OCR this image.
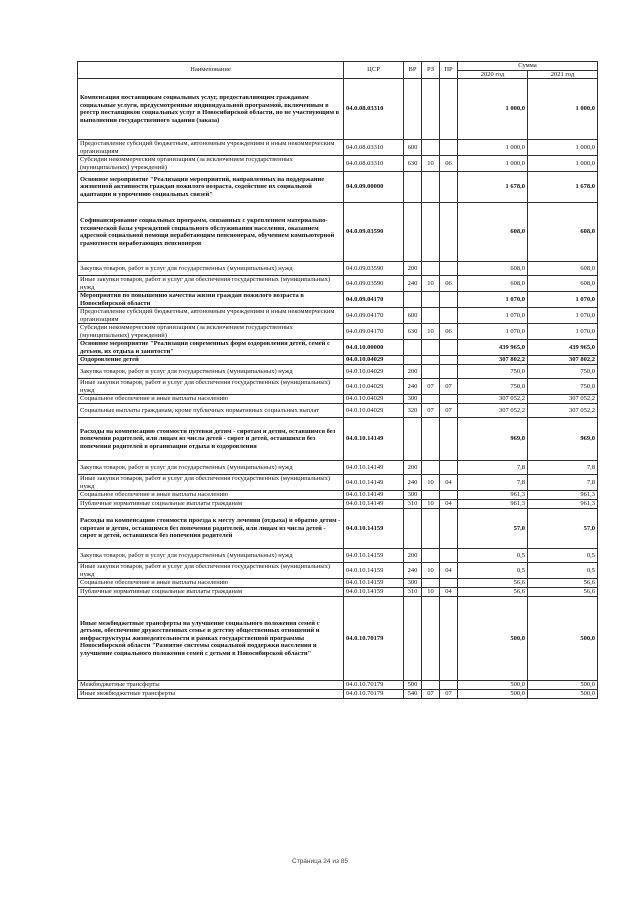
Наименование	ЦСР	ВР	РЗ	ПР	Сумма	
					2020 год	2021 год
Компенсация поставщикам социальных услуг, предоставляющим гражданам социальные услуги, предусмотренные индивидуальной программой, включенным в реестр поставщиков социальных услуг в Новосибирской области, но не участвующим в выполнении государственного задания (заказа)	04.0.08.03310				1 000,0	1 000,0
Предоставление субсидий бюджетным, автономным учреждениям и иным некоммерческим организациям	04.0.08.03310	600			1 000,0	1 000,0
Субсидии некоммерческим организациям (за исключением государственных (муниципальных) учреждений)	04.0.08.03310	630	10	06	1 000,0	1 000,0
Основное мероприятие "Реализация мероприятий, направленных на поддержание жизненной активности граждан пожилого возраста, содействие их социальной адаптации и упрочению социальных связей"	04.0.09.00000				1 678,0	1 678,0
Софинансирование социальных программ, связанных с укреплением материально-технической базы учреждений социального обслуживания населения, оказанием адресной социальной помощи неработающим пенсионерам, обучением компьютерной грамотности неработающих пенсионеров	04.0.09.03590				608,0	608,0
Закупка товаров, работ и услуг для государственных (муниципальных) нужд	04.0.09.03590	200			608,0	608,0
Иные закупки товаров, работ и услуг для обеспечения государственных (муниципальных) нужд	04.0.09.03590	240	10	06	608,0	608,0
Мероприятия по повышению качества жизни граждан пожилого возраста в Новосибирской области	04.0.09.04170				1 070,0	1 070,0
Предоставление субсидий бюджетным, автономным учреждениям и иным некоммерческим организациям	04.0.09.04170	600			1 070,0	1 070,0
Субсидии некоммерческим организациям (за исключением государственных (муниципальных) учреждений)	04.0.09.04170	630	10	06	1 070,0	1 070,0
Основное мероприятие "Реализация современных форм оздоровления детей, семей с детьми, их отдыха и занятости"	04.0.10.00000				439 965,0	439 965,0
Оздоровление детей	04.0.10.04029				307 802,2	307 802,2
Закупка товаров, работ и услуг для государственных (муниципальных) нужд	04.0.10.04029	200			750,0	750,0
Иные закупки товаров, работ и услуг для обеспечения государственных (муниципальных) нужд	04.0.10.04029	240	07	07	750,0	750,0
Социальное обеспечение и иные выплаты населению	04.0.10.04029	300			307 052,2	307 052,2
Социальные выплаты гражданам, кроме публичных нормативных социальных выплат	04.0.10.04029	320	07	07	307 052,2	307 052,2
Расходы на компенсацию стоимости путевки детям - сиротам и детям, оставшимся без попечения родителей, или лицам из числа детей - сирот и детей, оставшихся без попечения родителей в организации отдыха и оздоровления	04.0.10.14149				969,0	969,0
Закупка товаров, работ и услуг для государственных (муниципальных) нужд	04.0.10.14149	200			7,8	7,8
Иные закупки товаров, работ и услуг для обеспечения государственных (муниципальных) нужд	04.0.10.14149	240	10	04	7,8	7,8
Социальное обеспечение и иные выплаты населению	04.0.10.14149	300			961,3	961,3
Публичные нормативные социальные выплаты гражданам	04.0.10.14149	310	10	04	961,3	961,3
Расходы на компенсацию стоимости проезда к месту лечения (отдыха) и обратно детям - сиротам и детям, оставшимся без попечения родителей, или лицам из числа детей - сирот и детей, оставшихся без попечения родителей	04.0.10.14159				57,0	57,0
Закупка товаров, работ и услуг для государственных (муниципальных) нужд	04.0.10.14159	200			0,5	0,5
Иные закупки товаров, работ и услуг для обеспечения государственных (муниципальных) нужд	04.0.10.14159	240	10	04	0,5	0,5
Социальное обеспечение и иные выплаты населению	04.0.10.14159	300			56,6	56,6
Публичные нормативные социальные выплаты гражданам	04.0.10.14159	310	10	04	56,6	56,6
Иные межбюджетные трансферты на улучшение социального положения семей с детьми, обеспечение дружественных семье и детству общественных отношений и инфраструктуры жизнедеятельности в рамках государственной программы Новосибирской области "Развитие системы социальной поддержки населения и улучшение социального положения семей с детьми в Новосибирской области"	04.0.10.70179				500,0	500,0
Межбюджетные трансферты	04.0.10.70179	500			500,0	500,0
Иные межбюджетные трансферты	04.0.10.70179	540	07	07	500,0	500,0
Страница 24 из 85
